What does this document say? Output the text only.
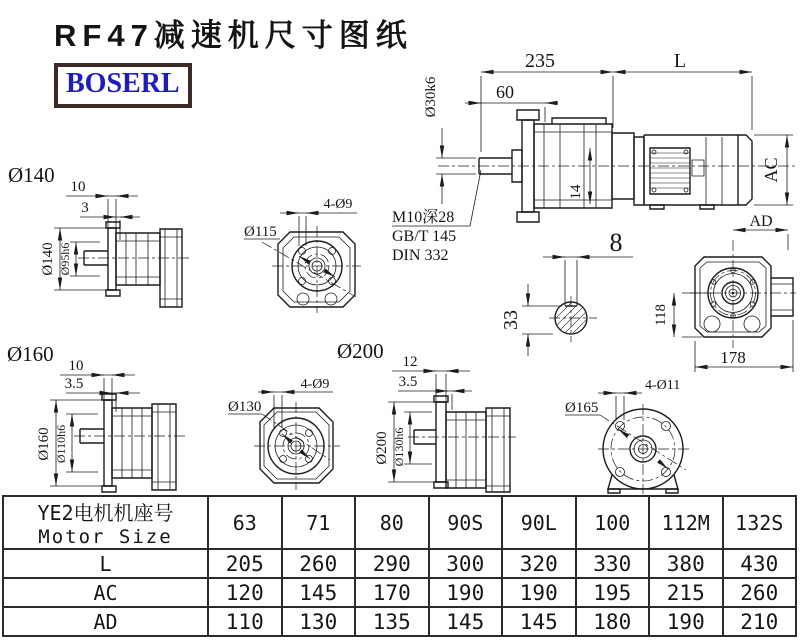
RF47减速机尺寸图纸
BOSERL
235	L
60
Ø30k6
14
AC
M10深28
GB/T 145
DIN 332
AD
118
178
8
33
Ø140 10
3
Ø140 Ø95h6
4-Ø9
Ø115
Ø160 10
3.5
Ø160 Ø110h6
Ø200
4-Ø9
Ø130
12
3.5
Ø200 Ø130h6
4-Ø11
Ø165
YE2电机机座号
Motor Size	63	71	80	90S	90L	100	112M	132S
L	205	260	290	300	320	330	380	430
AC	120	145	170	190	190	195	215	260
AD	110	130	135	145	145	180	190	210
